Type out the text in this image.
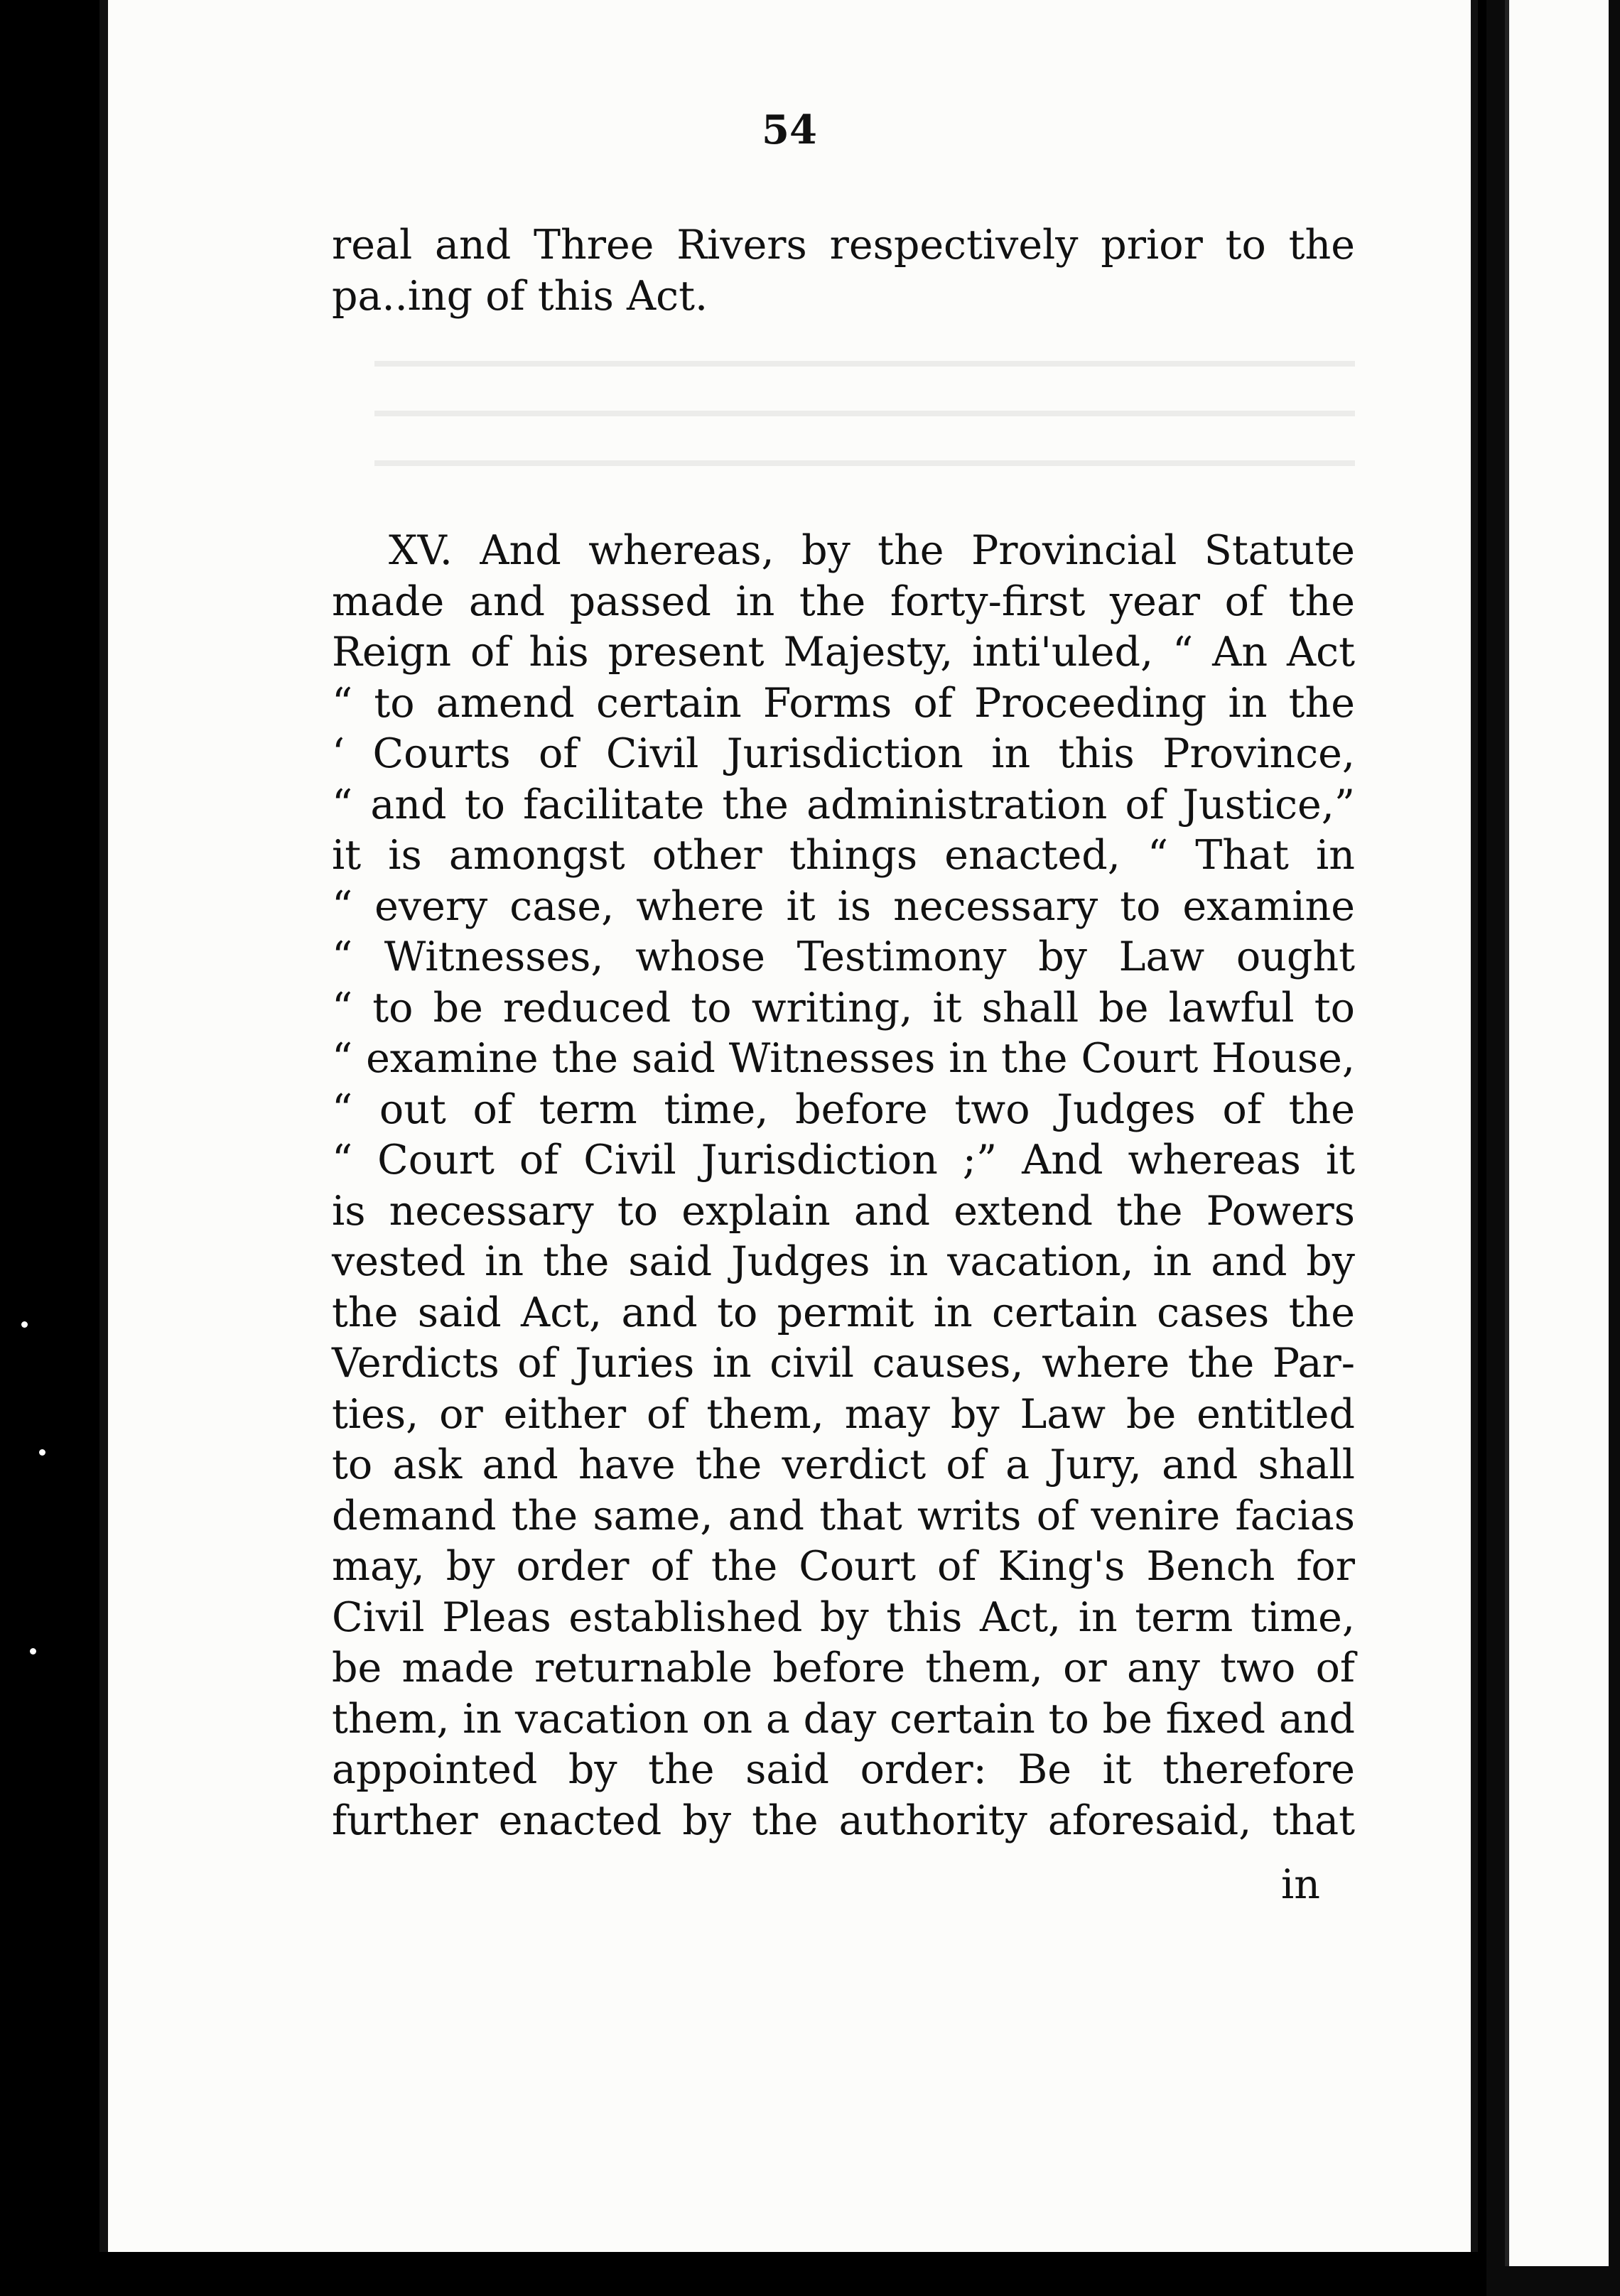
54
real and Three Rivers respectively prior to the
pa..ing of this Act.
XV. And whereas, by the Provincial Statute
made and passed in the forty-first year of the
Reign of his present Majesty, inti'uled, “ An Act
“ to amend certain Forms of Proceeding in the
‘ Courts of Civil Jurisdiction in this Province,
“ and to facilitate the administration of Justice,”
it is amongst other things enacted, “ That in
“ every case, where it is necessary to examine
“ Witnesses, whose Testimony by Law ought
“ to be reduced to writing, it shall be lawful to
“ examine the said Witnesses in the Court House,
“ out of term time, before two Judges of the
“ Court of Civil Jurisdiction ;” And whereas it
is necessary to explain and extend the Powers
vested in the said Judges in vacation, in and by
the said Act, and to permit in certain cases the
Verdicts of Juries in civil causes, where the Par-
ties, or either of them, may by Law be entitled
to ask and have the verdict of a Jury, and shall
demand the same, and that writs of venire facias
may, by order of the Court of King's Bench for
Civil Pleas established by this Act, in term time,
be made returnable before them, or any two of
them, in vacation on a day certain to be fixed and
appointed by the said order: Be it therefore
further enacted by the authority aforesaid, that
in
